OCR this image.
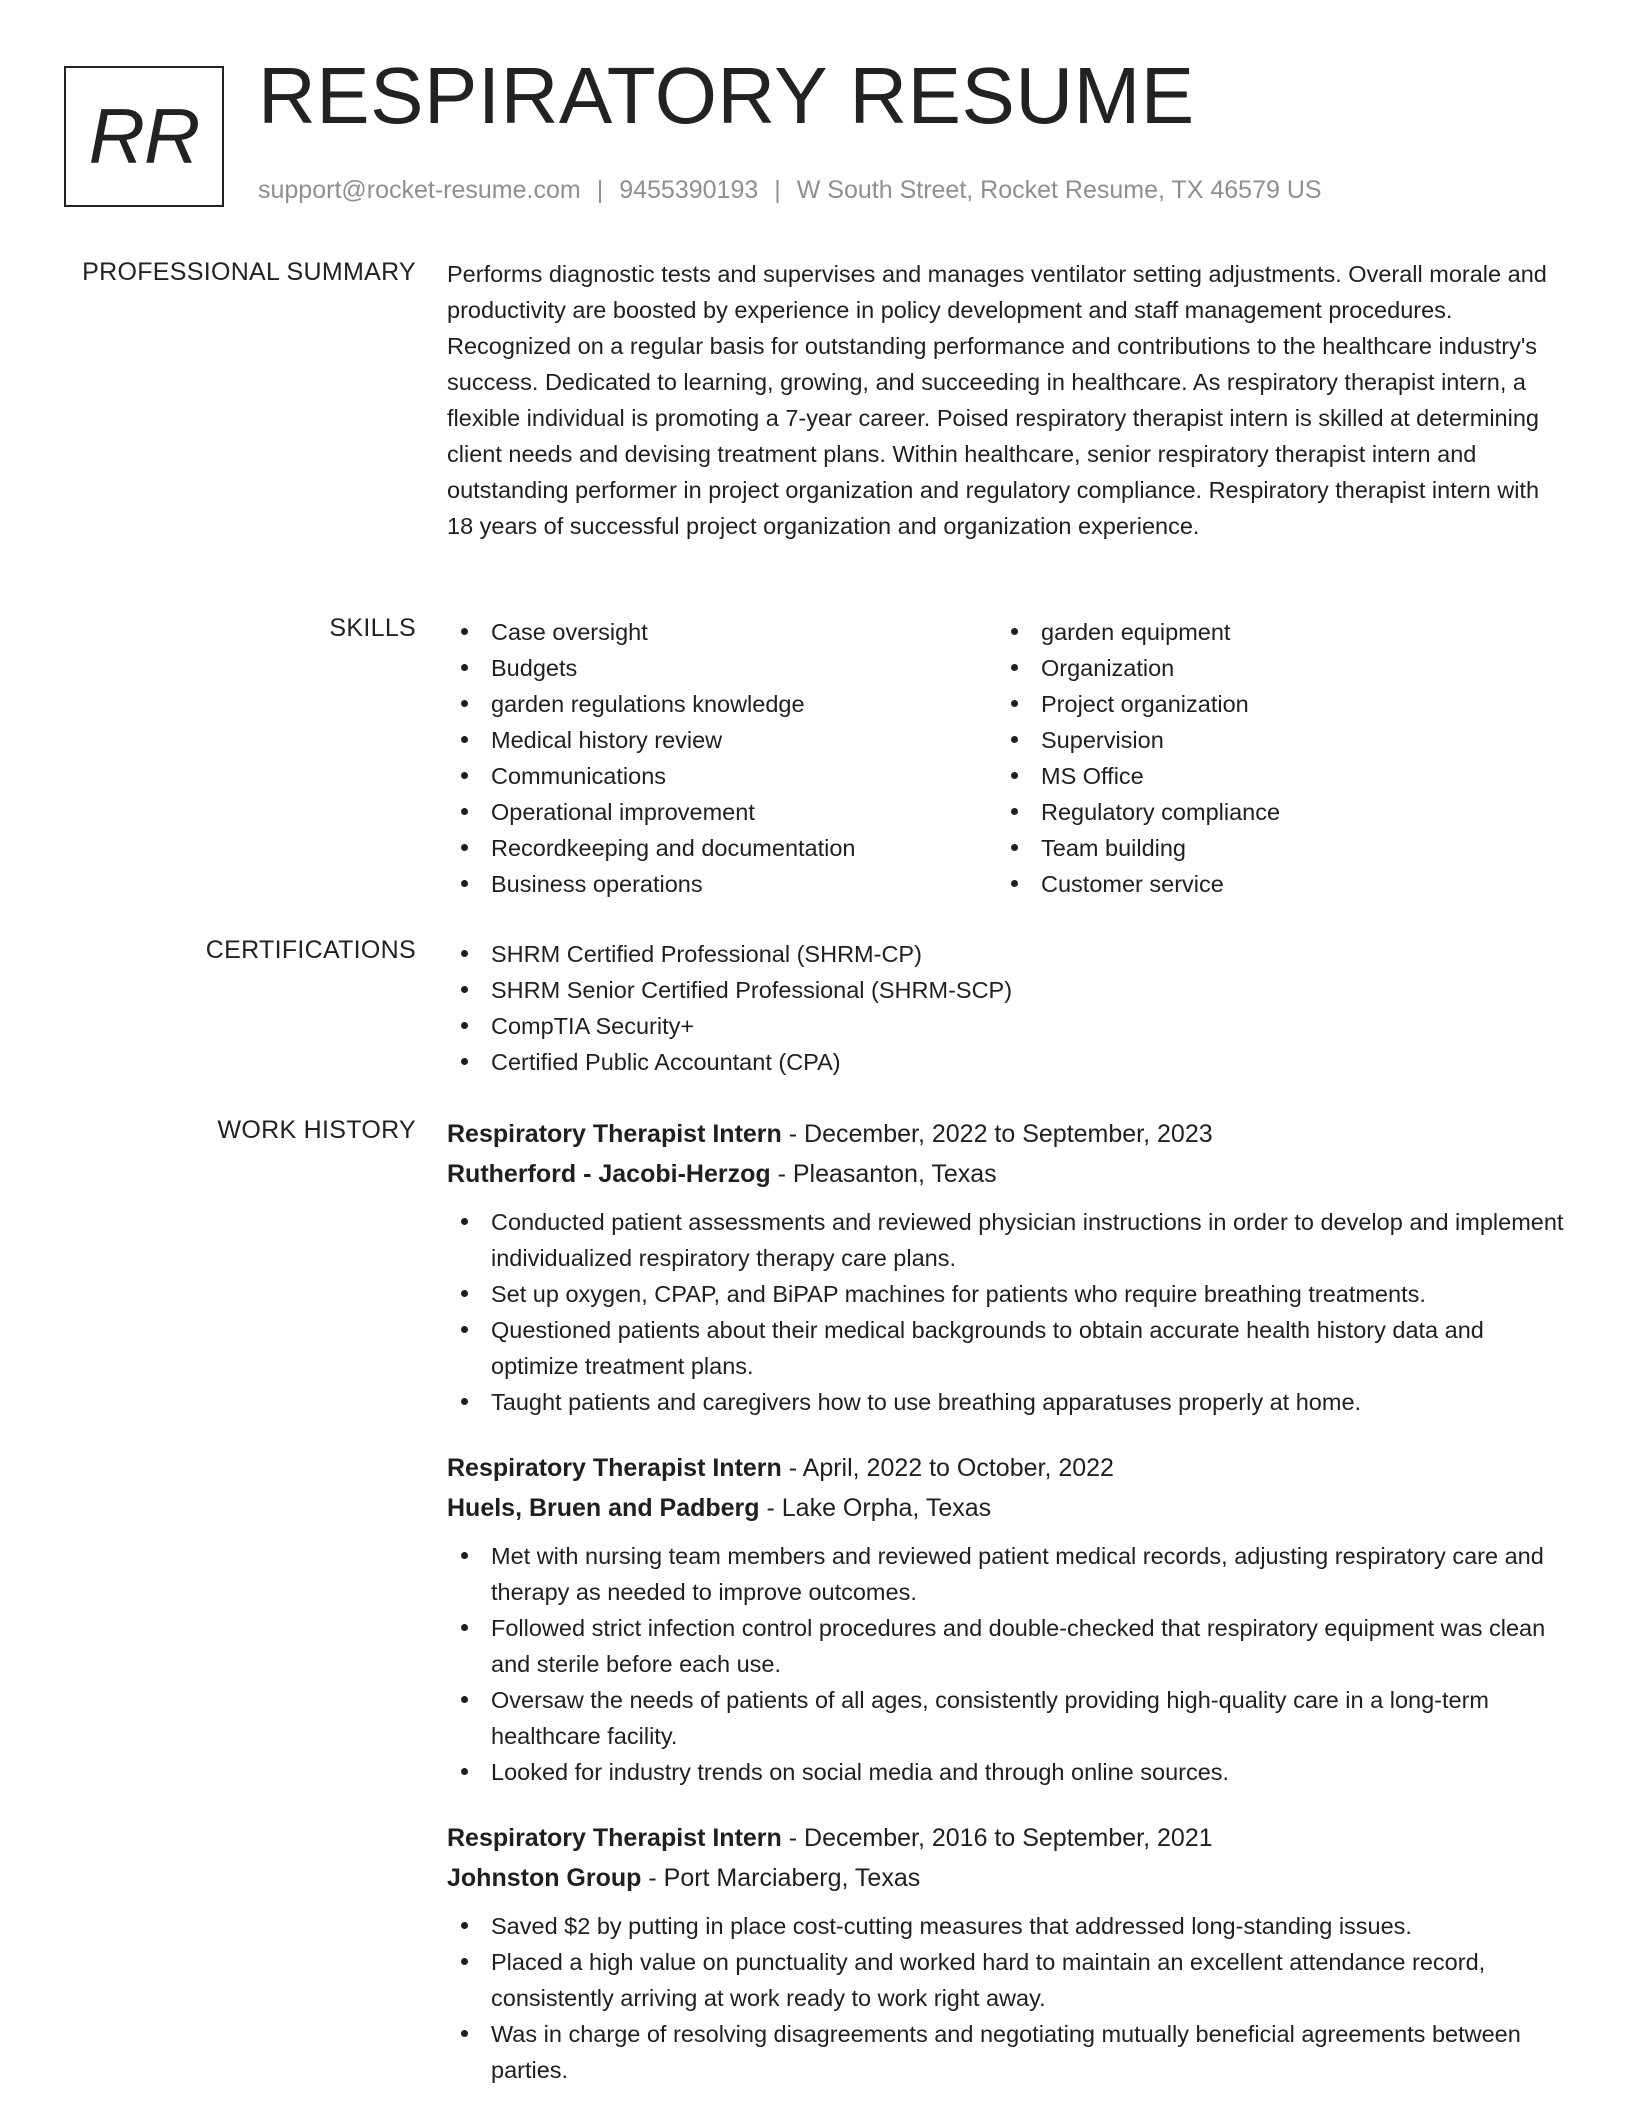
RR RESPIRATORY RESUME
support@rocket-resume.com | 9455390193 | W South Street, Rocket Resume, TX 46579 US
PROFESSIONAL SUMMARY Performs diagnostic tests and supervises and manages ventilator setting adjustments. Overall morale and productivity are boosted by experience in policy development and staff management procedures. Recognized on a regular basis for outstanding performance and contributions to the healthcare industry's success. Dedicated to learning, growing, and succeeding in healthcare. As respiratory therapist intern, a flexible individual is promoting a 7-year career. Poised respiratory therapist intern is skilled at determining client needs and devising treatment plans. Within healthcare, senior respiratory therapist intern and outstanding performer in project organization and regulatory compliance. Respiratory therapist intern with 18 years of successful project organization and organization experience.

SKILLS	Case oversight
Budgets
garden regulations knowledge
Medical history review
Communications
Operational improvement
Recordkeeping and documentation
Business operations
garden equipment
Organization
Project organization
Supervision
MS Office
Regulatory compliance
Team building
Customer service
CERTIFICATIONS	SHRM Certified Professional (SHRM-CP)
SHRM Senior Certified Professional (SHRM-SCP)
CompTIA Security+
Certified Public Accountant (CPA)
WORK HISTORY Respiratory Therapist Intern - December, 2022 to September, 2023
Rutherford - Jacobi-Herzog - Pleasanton, Texas
Conducted patient assessments and reviewed physician instructions in order to develop and implement individualized respiratory therapy care plans.
Set up oxygen, CPAP, and BiPAP machines for patients who require breathing treatments.
Questioned patients about their medical backgrounds to obtain accurate health history data and optimize treatment plans.
Taught patients and caregivers how to use breathing apparatuses properly at home.
Respiratory Therapist Intern - April, 2022 to October, 2022
Huels, Bruen and Padberg - Lake Orpha, Texas
Met with nursing team members and reviewed patient medical records, adjusting respiratory care and therapy as needed to improve outcomes.
Followed strict infection control procedures and double-checked that respiratory equipment was clean and sterile before each use.
Oversaw the needs of patients of all ages, consistently providing high-quality care in a long-term healthcare facility.
Looked for industry trends on social media and through online sources.
Respiratory Therapist Intern - December, 2016 to September, 2021
Johnston Group - Port Marciaberg, Texas
Saved $2 by putting in place cost-cutting measures that addressed long-standing issues.
Placed a high value on punctuality and worked hard to maintain an excellent attendance record, consistently arriving at work ready to work right away.
Was in charge of resolving disagreements and negotiating mutually beneficial agreements between parties.
